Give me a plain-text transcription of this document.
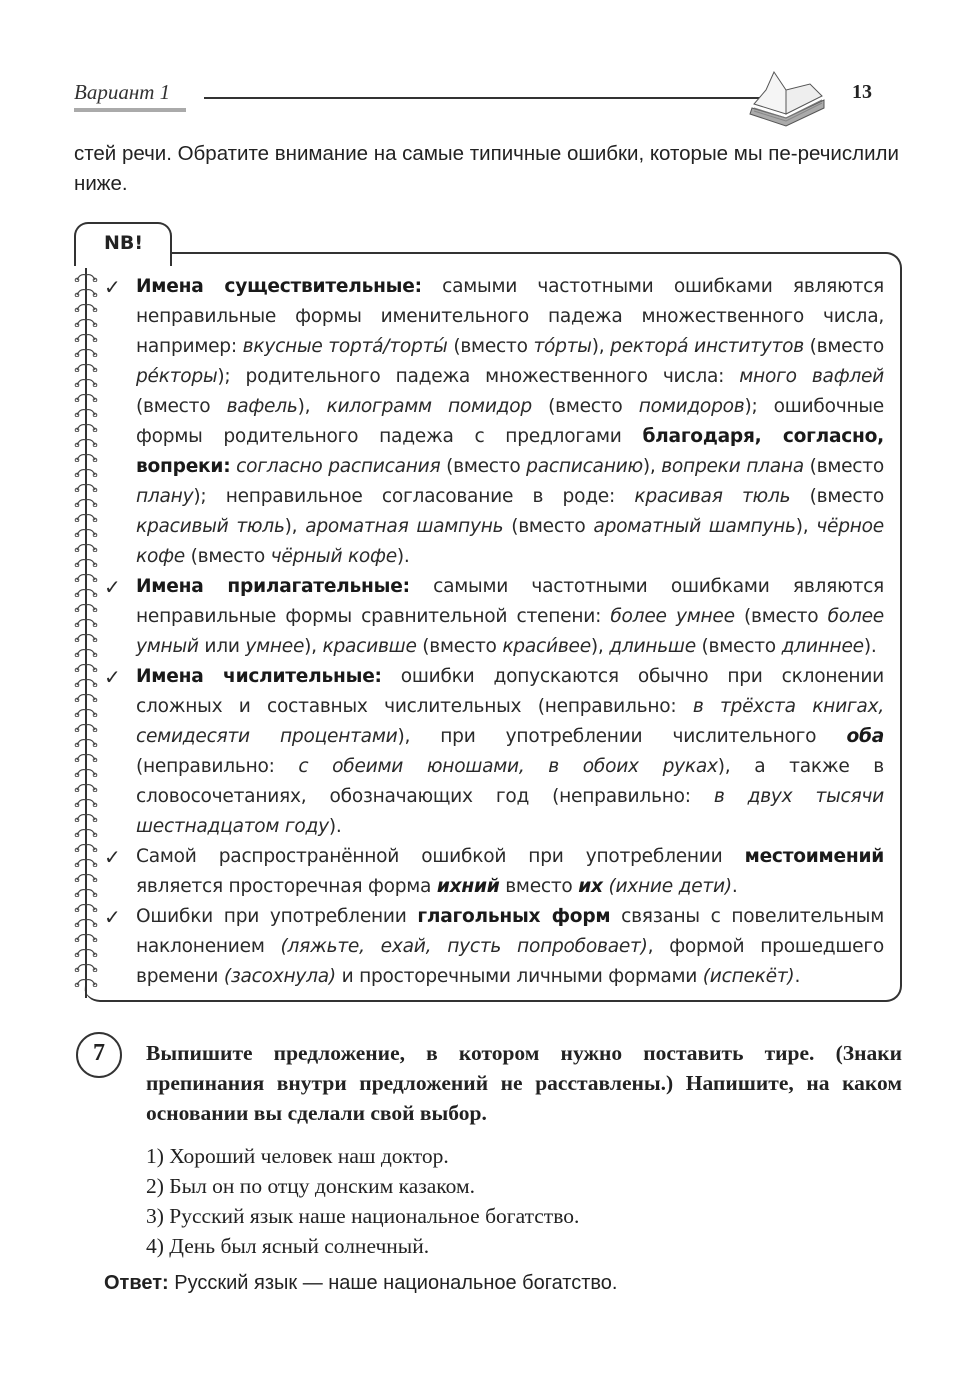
Вариант 1	13

стей речи. Обратите внимание на самые типичные ошибки, которые мы пе-речислили ниже.

NB!
✓ Имена существительные: самыми частотными ошибками являются неправильные формы именительного падежа множественного числа, например: вкусные торта́/торты́ (вместо то́рты), ректора́ институтов (вместо ре́кторы); родительного падежа множественного числа: много вафлей (вместо вафель), килограмм помидор (вместо помидоров); ошибочные формы родительного падежа с предлогами благодаря, согласно, вопреки: согласно расписания (вместо расписанию), вопреки плана (вместо плану); неправильное согласование в роде: красивая тюль (вместо красивый тюль), ароматная шампунь (вместо ароматный шампунь), чёрное кофе (вместо чёрный кофе).
✓ Имена прилагательные: самыми частотными ошибками являются неправильные формы сравнительной степени: более умнее (вместо более умный или умнее), красивше (вместо краси́вее), длиньше (вместо длиннее).
✓ Имена числительные: ошибки допускаются обычно при склонении сложных и составных числительных (неправильно: в трёхста книгах, семидесяти процентами), при употреблении числительного оба (неправильно: с обеими юношами, в обоих руках), а также в словосочетаниях, обозначающих год (неправильно: в двух тысячи шестнадцатом году).
✓ Самой распространённой ошибкой при употреблении местоимений является просторечная форма ихний вместо их (ихние дети).
✓ Ошибки при употреблении глагольных форм связаны с повелительным наклонением (ляжьте, ехай, пусть попробовает), формой прошедшего времени (засохнула) и просторечными личными формами (испекёт).
7	Выпишите предложение, в котором нужно поставить тире. (Знаки препинания внутри предложений не расставлены.) Напишите, на каком основании вы сделали свой выбор.

1) Хороший человек наш доктор.
2) Был он по отцу донским казаком.
3) Русский язык наше национальное богатство.
4) День был ясный солнечный.
Ответ: Русский язык — наше национальное богатство.
